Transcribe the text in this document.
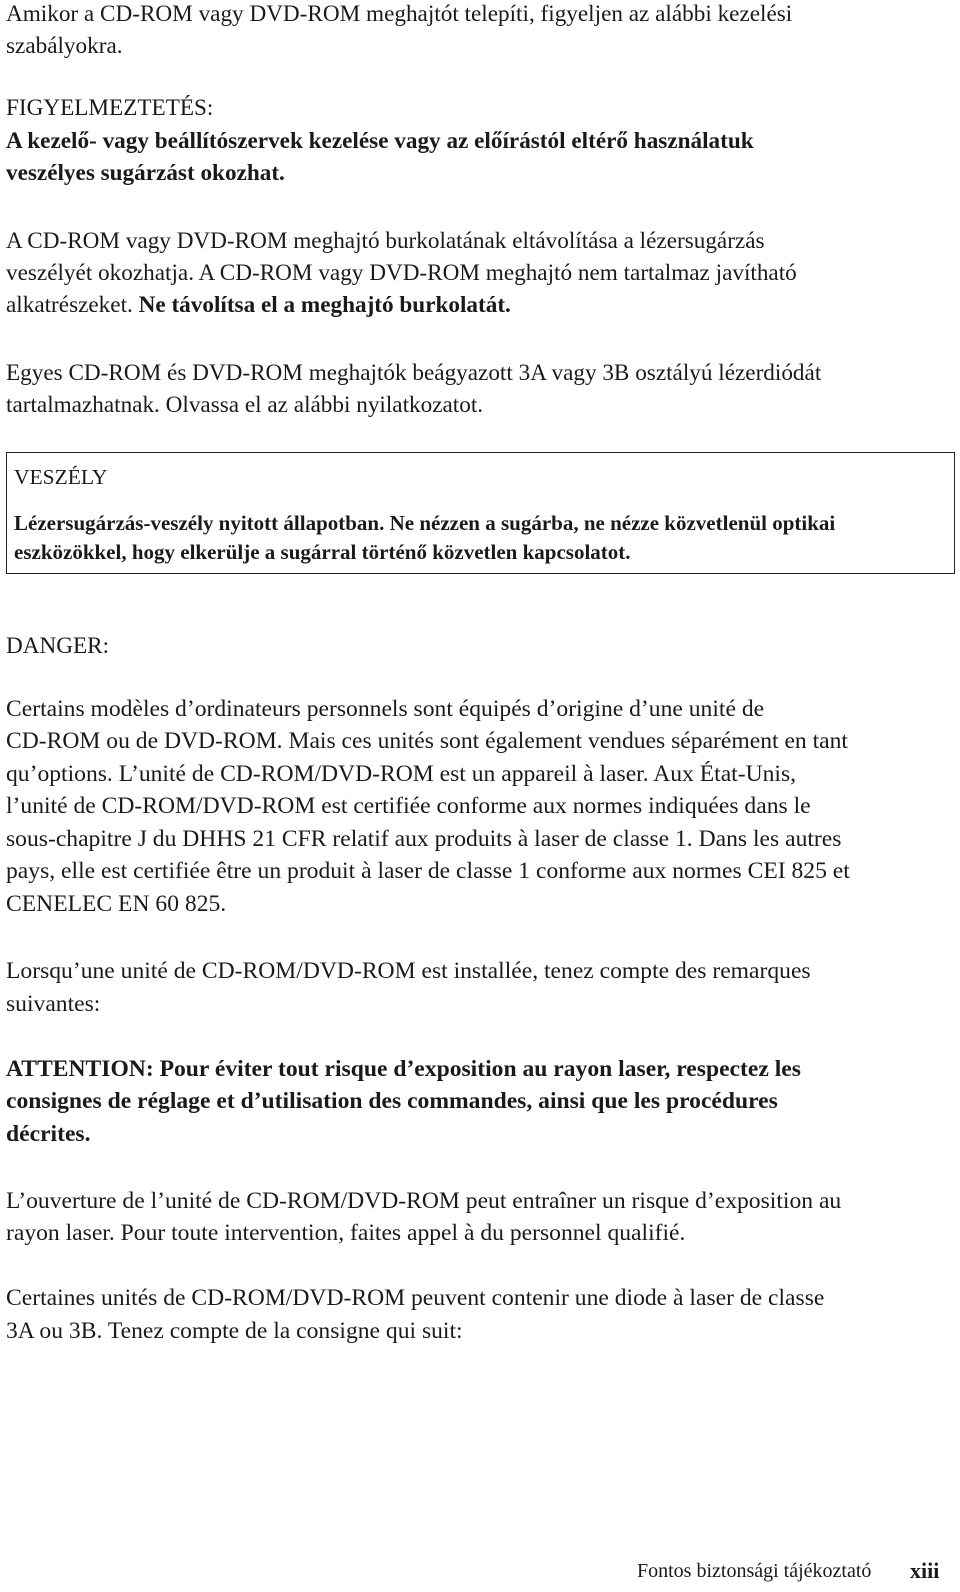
Amikor a CD-ROM vagy DVD-ROM meghajtót telepíti, figyeljen az alábbi kezelési
szabályokra.
FIGYELMEZTETÉS:
A kezelő- vagy beállítószervek kezelése vagy az előírástól eltérő használatuk
veszélyes sugárzást okozhat.
A CD-ROM vagy DVD-ROM meghajtó burkolatának eltávolítása a lézersugárzás
veszélyét okozhatja. A CD-ROM vagy DVD-ROM meghajtó nem tartalmaz javítható
alkatrészeket. Ne távolítsa el a meghajtó burkolatát.
Egyes CD-ROM és DVD-ROM meghajtók beágyazott 3A vagy 3B osztályú lézerdiódát
tartalmazhatnak. Olvassa el az alábbi nyilatkozatot.
VESZÉLY
Lézersugárzás-veszély nyitott állapotban. Ne nézzen a sugárba, ne nézze közvetlenül optikai
eszközökkel, hogy elkerülje a sugárral történő közvetlen kapcsolatot.
DANGER:
Certains modèles d’ordinateurs personnels sont équipés d’origine d’une unité de
CD-ROM ou de DVD-ROM. Mais ces unités sont également vendues séparément en tant
qu’options. L’unité de CD-ROM/DVD-ROM est un appareil à laser. Aux État-Unis,
l’unité de CD-ROM/DVD-ROM est certifiée conforme aux normes indiquées dans le
sous-chapitre J du DHHS 21 CFR relatif aux produits à laser de classe 1. Dans les autres
pays, elle est certifiée être un produit à laser de classe 1 conforme aux normes CEI 825 et
CENELEC EN 60 825.
Lorsqu’une unité de CD-ROM/DVD-ROM est installée, tenez compte des remarques
suivantes:
ATTENTION: Pour éviter tout risque d’exposition au rayon laser, respectez les
consignes de réglage et d’utilisation des commandes, ainsi que les procédures
décrites.
L’ouverture de l’unité de CD-ROM/DVD-ROM peut entraîner un risque d’exposition au
rayon laser. Pour toute intervention, faites appel à du personnel qualifié.
Certaines unités de CD-ROM/DVD-ROM peuvent contenir une diode à laser de classe
3A ou 3B. Tenez compte de la consigne qui suit:
Fontos biztonsági tájékoztató xiii
